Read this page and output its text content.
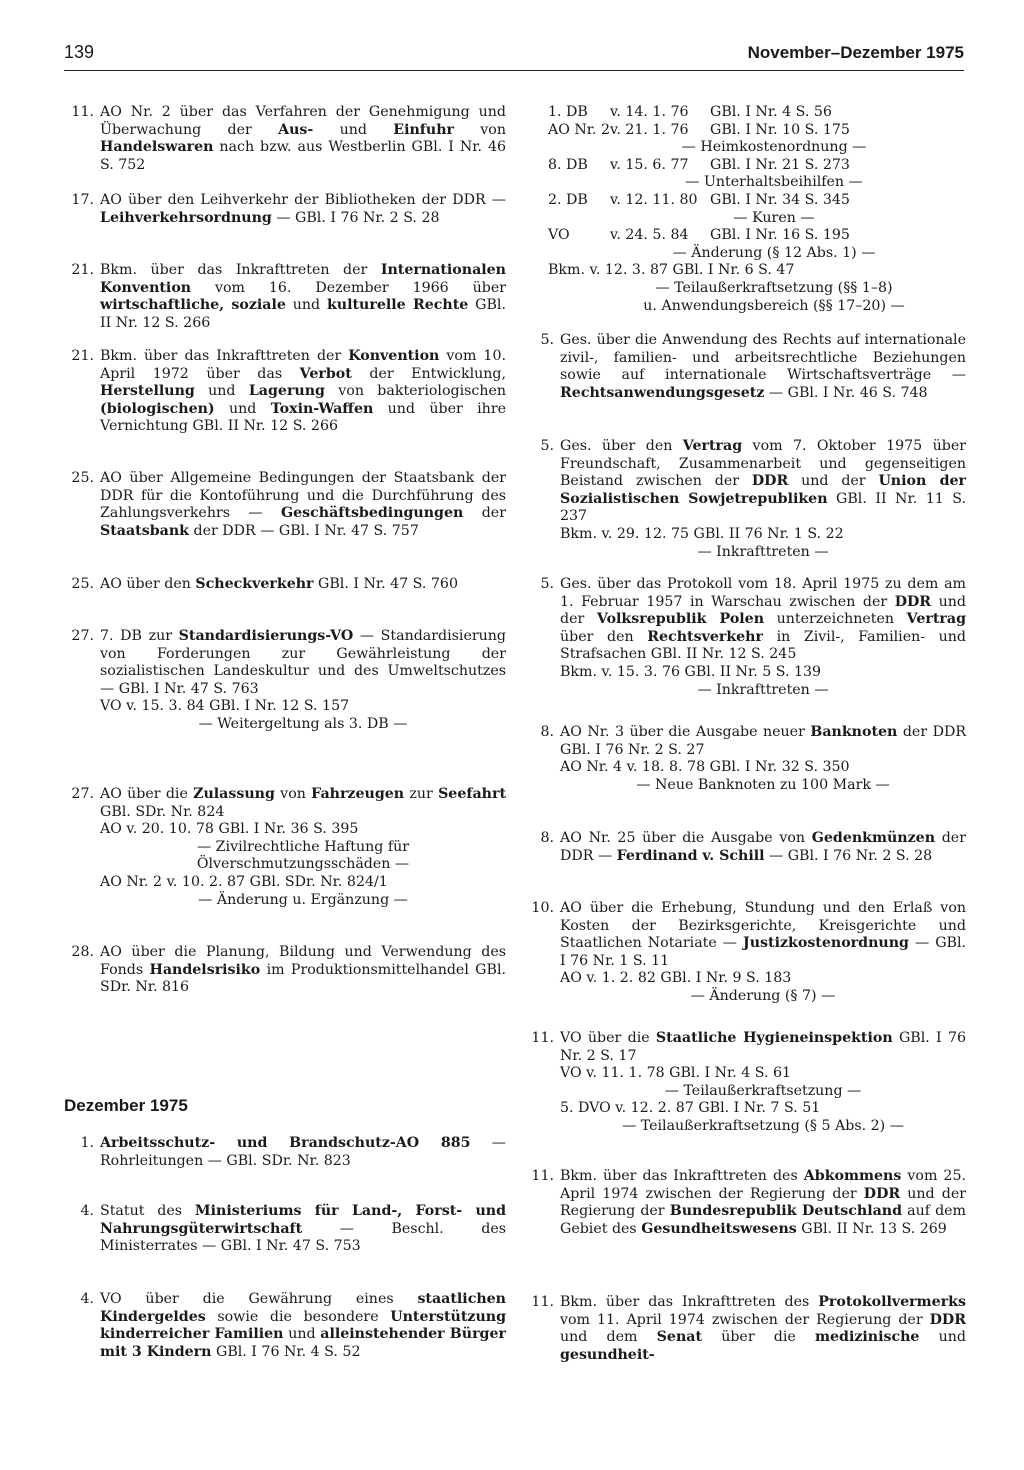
139	November–Dezember 1975
11. AO Nr. 2 über das Verfahren der Genehmigung und Überwachung der Aus- und Einfuhr von Handelswaren nach bzw. aus Westberlin GBl. I Nr. 46 S. 752

17. AO über den Leihverkehr der Bibliotheken der DDR — Leihverkehrsordnung — GBl. I 76 Nr. 2 S. 28

21. Bkm. über das Inkrafttreten der Internationalen Konvention vom 16. Dezember 1966 über wirtschaftliche, soziale und kulturelle Rechte GBl. II Nr. 12 S. 266

21. Bkm. über das Inkrafttreten der Konvention vom 10. April 1972 über das Verbot der Entwicklung, Herstellung und Lagerung von bakteriologischen (biologischen) und Toxin-Waffen und über ihre Vernichtung GBl. II Nr. 12 S. 266

25. AO über Allgemeine Bedingungen der Staatsbank der DDR für die Kontoführung und die Durchführung des Zahlungsverkehrs — Geschäftsbedingungen der Staatsbank der DDR — GBl. I Nr. 47 S. 757

25. AO über den Scheckverkehr GBl. I Nr. 47 S. 760

27. 7. DB zur Standardisierungs-VO — Standardisierung von Forderungen zur Gewährleistung der sozialistischen Landeskultur und des Umweltschutzes — GBl. I Nr. 47 S. 763

VO v. 15. 3. 84 GBl. I Nr. 12 S. 157

— Weitergeltung als 3. DB —

27. AO über die Zulassung von Fahrzeugen zur Seefahrt GBl. SDr. Nr. 824

AO v. 20. 10. 78 GBl. I Nr. 36 S. 395

— Zivilrechtliche Haftung für Ölverschmutzungsschäden —

AO Nr. 2 v. 10. 2. 87 GBl. SDr. Nr. 824/1

— Änderung u. Ergänzung —

28. AO über die Planung, Bildung und Verwendung des Fonds Handelsrisiko im Produktionsmittelhandel GBl. SDr. Nr. 816

Dezember 1975
1. Arbeitsschutz- und Brandschutz-AO 885 — Rohrleitungen — GBl. SDr. Nr. 823

4. Statut des Ministeriums für Land-, Forst- und Nahrungsgüterwirtschaft — Beschl. des Ministerrates — GBl. I Nr. 47 S. 753

4. VO über die Gewährung eines staatlichen Kindergeldes sowie die besondere Unterstützung kinderreicher Familien und alleinstehender Bürger mit 3 Kindern GBl. I 76 Nr. 4 S. 52

1. DB	v. 14. 1. 76	GBl. I Nr. 4 S. 56
AO Nr. 2 v. 21. 1. 76	GBl. I Nr. 10 S. 175
— Heimkostenordnung —
8. DB	v. 15. 6. 77	GBl. I Nr. 21 S. 273
— Unterhaltsbeihilfen —
2. DB	v. 12. 11. 80 GBl. I Nr. 34 S. 345
— Kuren —
VO	v. 24. 5. 84	GBl. I Nr. 16 S. 195
— Änderung (§ 12 Abs. 1) —
Bkm. v. 12. 3. 87 GBl. I Nr. 6 S. 47
— Teilaußerkraftsetzung (§§ 1–8)
u. Anwendungsbereich (§§ 17–20) —
5. Ges. über die Anwendung des Rechts auf internationale zivil-, familien- und arbeitsrechtliche Beziehungen sowie auf internationale Wirtschaftsverträge — Rechtsanwendungsgesetz — GBl. I Nr. 46 S. 748

5. Ges. über den Vertrag vom 7. Oktober 1975 über Freundschaft, Zusammenarbeit und gegenseitigen Beistand zwischen der DDR und der Union der Sozialistischen Sowjetrepubliken GBl. II Nr. 11 S. 237

Bkm. v. 29. 12. 75 GBl. II 76 Nr. 1 S. 22

— Inkrafttreten —

5. Ges. über das Protokoll vom 18. April 1975 zu dem am 1. Februar 1957 in Warschau zwischen der DDR und der Volksrepublik Polen unterzeichneten Vertrag über den Rechtsverkehr in Zivil-, Familien- und Strafsachen GBl. II Nr. 12 S. 245

Bkm. v. 15. 3. 76 GBl. II Nr. 5 S. 139

— Inkrafttreten —

8. AO Nr. 3 über die Ausgabe neuer Banknoten der DDR GBl. I 76 Nr. 2 S. 27

AO Nr. 4 v. 18. 8. 78 GBl. I Nr. 32 S. 350

— Neue Banknoten zu 100 Mark —

8. AO Nr. 25 über die Ausgabe von Gedenkmünzen der DDR — Ferdinand v. Schill — GBl. I 76 Nr. 2 S. 28

10. AO über die Erhebung, Stundung und den Erlaß von Kosten der Bezirksgerichte, Kreisgerichte und Staatlichen Notariate — Justizkostenordnung — GBl. I 76 Nr. 1 S. 11

AO v. 1. 2. 82 GBl. I Nr. 9 S. 183

— Änderung (§ 7) —

11. VO über die Staatliche Hygieneinspektion GBl. I 76 Nr. 2 S. 17

VO v. 11. 1. 78 GBl. I Nr. 4 S. 61

— Teilaußerkraftsetzung —

5. DVO v. 12. 2. 87 GBl. I Nr. 7 S. 51

— Teilaußerkraftsetzung (§ 5 Abs. 2) —

11. Bkm. über das Inkrafttreten des Abkommens vom 25. April 1974 zwischen der Regierung der DDR und der Regierung der Bundesrepublik Deutschland auf dem Gebiet des Gesundheitswesens GBl. II Nr. 13 S. 269

11. Bkm. über das Inkrafttreten des Protokollvermerks vom 11. April 1974 zwischen der Regierung der DDR und dem Senat über die medizinische und gesundheit-
